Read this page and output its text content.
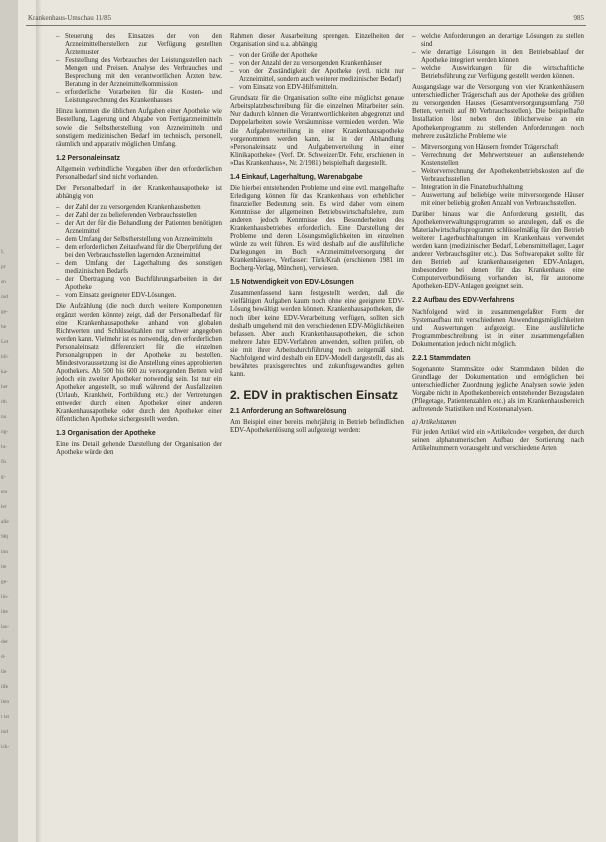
I,
pr
sn
ind
ge-
he
Let
hil-
ka-
her
ith
nu
ng-
lu-
fis
g-
ers
ler
alle
98)
inn
ite
ge-
lin-
ilte
las-
der
d-
lie
ilfe
ilen
t ist
ind
ick-
Krankenhaus-Umschau 11/85	985
– Steuerung des Einsatzes der von den Arzneimittelherstellern zur Verfügung gestellten Ärztemuster
– Feststellung des Verbrauches der Leistungsstellen nach Mengen und Preisen. Analyse des Verbrauches und Besprechung mit den verantwortlichen Ärzten bzw. Beratung in der Arzneimittelkommission
– erforderliche Vorarbeiten für die Kosten- und Leistungsrechnung des Krankenhauses

Hinzu kommen die üblichen Aufgaben einer Apotheke wie Bestellung, Lagerung und Abgabe von Fertigarzneimitteln sowie die Selbstherstellung von Arzneimitteln und sonstigem medizinischen Bedarf im technisch, personell, räumlich und apparativ möglichen Umfang.

1.2 Personaleinsatz

Allgemein verbindliche Vorgaben über den erforderlichen Personalbedarf sind nicht vorhanden.

Der Personalbedarf in der Krankenhausapotheke ist abhängig von

– der Zahl der zu versorgenden Krankenhausbetten
– der Zahl der zu belieferenden Verbrauchsstellen
– der Art der für die Behandlung der Patienten benötigten Arzneimittel
– dem Umfang der Selbstherstellung von Arzneimitteln
– dem erforderlichen Zeitaufwand für die Überprüfung der bei den Verbrauchsstellen lagernden Arzneimittel
– dem Umfang der Lagerhaltung des sonstigen medizinischen Bedarfs
– der Übertragung von Buchführungsarbeiten in der Apotheke
– vom Einsatz geeigneter EDV-Lösungen.

Die Aufzählung (die noch durch weitere Komponenten ergänzt werden könnte) zeigt, daß der Personalbedarf für eine Krankenhausapotheke anhand von globalen Richtwerten und Schlüsselzahlen nur schwer angegeben werden kann. Vielmehr ist es notwendig, den erforderlichen Personaleinsatz differenziert für die einzelnen Personalgruppen in der Apotheke zu bestellen. Mindestvoraussetzung ist die Anstellung eines approbierten Apothekers. Ab 500 bis 600 zu versorgenden Betten wird jedoch ein zweiter Apotheker notwendig sein. Ist nur ein Apotheker angestellt, so muß während der Ausfallzeiten (Urlaub, Krankheit, Fortbildung etc.) der Vertretungen entweder durch einen Apotheker einer anderen Krankenhausapotheke oder durch den Apotheker einer öffentlichen Apotheke sichergestellt werden.

1.3 Organisation der Apotheke

Eine ins Detail gehende Darstellung der Organisation der Apotheke würde den

Rahmen dieser Ausarbeitung sprengen. Einzelheiten der Organisation sind u.a. abhängig

– von der Größe der Apotheke
– von der Anzahl der zu versorgenden Krankenhäuser
– von der Zuständigkeit der Apotheke (evtl. nicht nur Arzneimittel, sondern auch weiterer medizinischer Bedarf)
– vom Einsatz von EDV-Hilfsmitteln.

Grundsatz für die Organisation sollte eine möglichst genaue Arbeitsplatzbeschreibung für die einzelnen Mitarbeiter sein. Nur dadurch können die Verantwortlichkeiten abgegrenzt und Doppelarbeiten sowie Versäumnisse vermieden werden. Wie die Aufgabenverteilung in einer Krankenhausapotheke vorgenommen werden kann, ist in der Abhandlung »Personaleinsatz und Aufgabenverteilung in einer Klinikapotheke« (Verf. Dr. Schweizer/Dr. Fehr, erschienen in »Das Krankenhaus«, Nr. 2/1981) beispielhaft dargestellt.

1.4 Einkauf, Lagerhaltung, Warenabgabe

Die hierbei entstehenden Probleme und eine evtl. mangelhafte Erledigung können für das Krankenhaus von erheblicher finanzieller Bedeutung sein. Es wird daher vom einem Kenntnisse der allgemeinen Betriebswirtschaftslehre, zum anderen jedoch Kenntnisse des Besonderheiten des Krankenhausbetriebes erforderlich. Eine Darstellung der Probleme und deren Lösungsmöglichkeiten im einzelnen würde zu weit führen. Es wird deshalb auf die ausführliche Darlegungen im Buch »Arzneimittelversorgung der Krankenhäuser«, Verfasser: Türk/Krah (erschienen 1981 im Bocherg-Verlag, München), verwiesen.

1.5 Notwendigkeit von EDV-Lösungen

Zusammenfassend kann festgestellt werden, daß die vielfältigen Aufgaben kaum noch ohne eine geeignete EDV-Lösung bewältigt werden können. Krankenhausapotheken, die noch über keine EDV-Verarbeitung verfügen, sollten sich deshalb umgehend mit den verschiedenen EDV-Möglichkeiten befassen. Aber auch Krankenhausapotheken, die schon mehrere Jahre EDV-Verfahren anwenden, sollten prüfen, ob sie mit ihrer Arbeitsdurchführung noch zeitgemäß sind. Nachfolgend wird deshalb ein EDV-Modell dargestellt, das als bewährtes praxisgerechtes und zukunftsgewandtes gelten kann.

2. EDV in praktischen Einsatz
2.1 Anforderung an Softwarelösung

Am Beispiel einer bereits mehrjährig in Betrieb befindlichen EDV-Apothekenlösung soll aufgezeigt werden:

– welche Anforderungen an derartige Lösungen zu stellen sind
– wie derartige Lösungen in den Betriebsablauf der Apotheke integriert werden können
– welche Auswirkungen für die wirtschaftliche Betriebsführung zur Verfügung gestellt werden können.

Ausgangslage war die Versorgung von vier Krankenhäusern unterschiedlicher Trägerschaft aus der Apotheke des größten zu versorgenden Hauses (Gesamtversorgungsumfang 750 Betten, verteilt auf 80 Verbrauchsstellen). Die beispielhafte Installation löst neben den üblicherweise an ein Apothekenprogramm zu stellenden Anforderungen noch mehrere zusätzliche Probleme wie

– Mitversorgung von Häusern fremder Trägerschaft
– Verrechnung der Mehrwertsteuer an außenstehende Kostenstellen
– Weiterverrechnung der Apothekenbetriebskosten auf die Verbrauchsstellen
– Integration in die Finanzbuchhaltung
– Auswertung auf beliebige weite mitversorgende Häuser mit einer beliebig großen Anzahl von Verbrauchsstellen.

Darüber hinaus war die Anforderung gestellt, das Apothekenverwaltungsprogramm so anzulegen, daß es die Materialwirtschaftsprogramm schlüsselmäßig für den Betrieb weiterer Lagerbuchhaltungen im Krankenhaus verwendet werden kann (medizinischer Bedarf, Lebensmittellager, Lager anderer Verbrauchsgüter etc.). Das Softwarepaket sollte für den Betrieb auf krankenhauseigenen EDV-Anlagen, insbesondere bei denen für das Krankenhaus eine Computerverbundlösung vorhanden ist, für autonome Apotheken-EDV-Anlagen geeignet sein.

2.2 Aufbau des EDV-Verfahrens

Nachfolgend wird in zusammengefaßter Form der Systemaufbau mit verschiedenen Anwendungsmöglichkeiten und Auswertungen aufgezeigt. Eine ausführliche Programmbeschreibung ist in einer zusammengefaßten Dokumentation jedoch nicht möglich.

2.2.1 Stammdaten

Sogenannte Stammsätze oder Stammdaten bilden die Grundlage der Dokumentation und ermöglichen bei unterschiedlicher Zuordnung jegliche Analysen sowie jeden Vorgabe nicht in Apothekenbereich entstehender Bezugsdaten (Pflegetage, Patientenzahlen etc.) als im Krankenhausbereich auftretende Statistiken und Kostenanalysen.

a) Artikelstamm

Für jeden Artikel wird ein »Artikelcode« vergeben, der durch seinen alphanumerischen Aufbau der Sortierung nach Artikelnummern vorausgeht und verschiedene Arten
